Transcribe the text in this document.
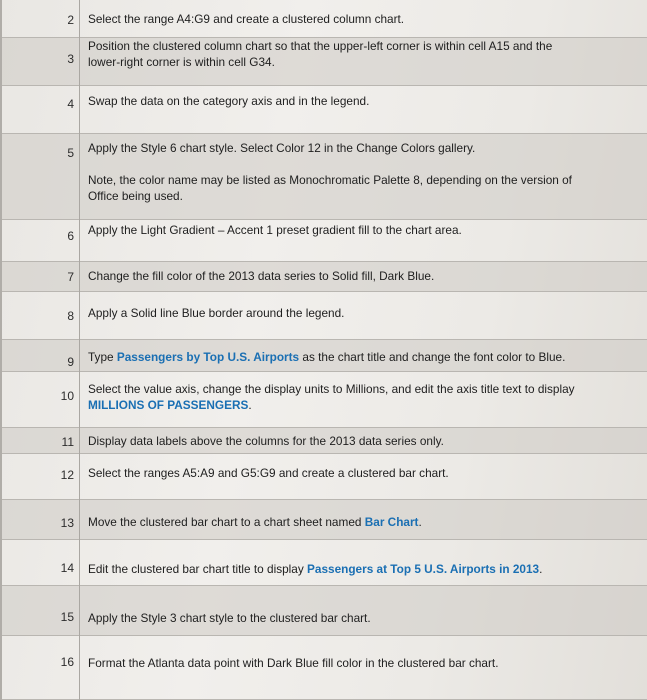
2 Select the range A4:G9 and create a clustered column chart.
3
Position the clustered column chart so that the upper-left corner is within cell A15 and the
lower-right corner is within cell G34.
4 Swap the data on the category axis and in the legend.
5 Apply the Style 6 chart style. Select Color 12 in the Change Colors gallery.
Note, the color name may be listed as Monochromatic Palette 8, depending on the version of
Office being used.
6 Apply the Light Gradient – Accent 1 preset gradient fill to the chart area.
7 Change the fill color of the 2013 data series to Solid fill, Dark Blue.
8 Apply a Solid line Blue border around the legend.
9 Type Passengers by Top U.S. Airports as the chart title and change the font color to Blue.
10 Select the value axis, change the display units to Millions, and edit the axis title text to display
MILLIONS OF PASSENGERS.
11 Display data labels above the columns for the 2013 data series only.
12 Select the ranges A5:A9 and G5:G9 and create a clustered bar chart.
13 Move the clustered bar chart to a chart sheet named Bar Chart.
14 Edit the clustered bar chart title to display Passengers at Top 5 U.S. Airports in 2013.
15 Apply the Style 3 chart style to the clustered bar chart.
16 Format the Atlanta data point with Dark Blue fill color in the clustered bar chart.
